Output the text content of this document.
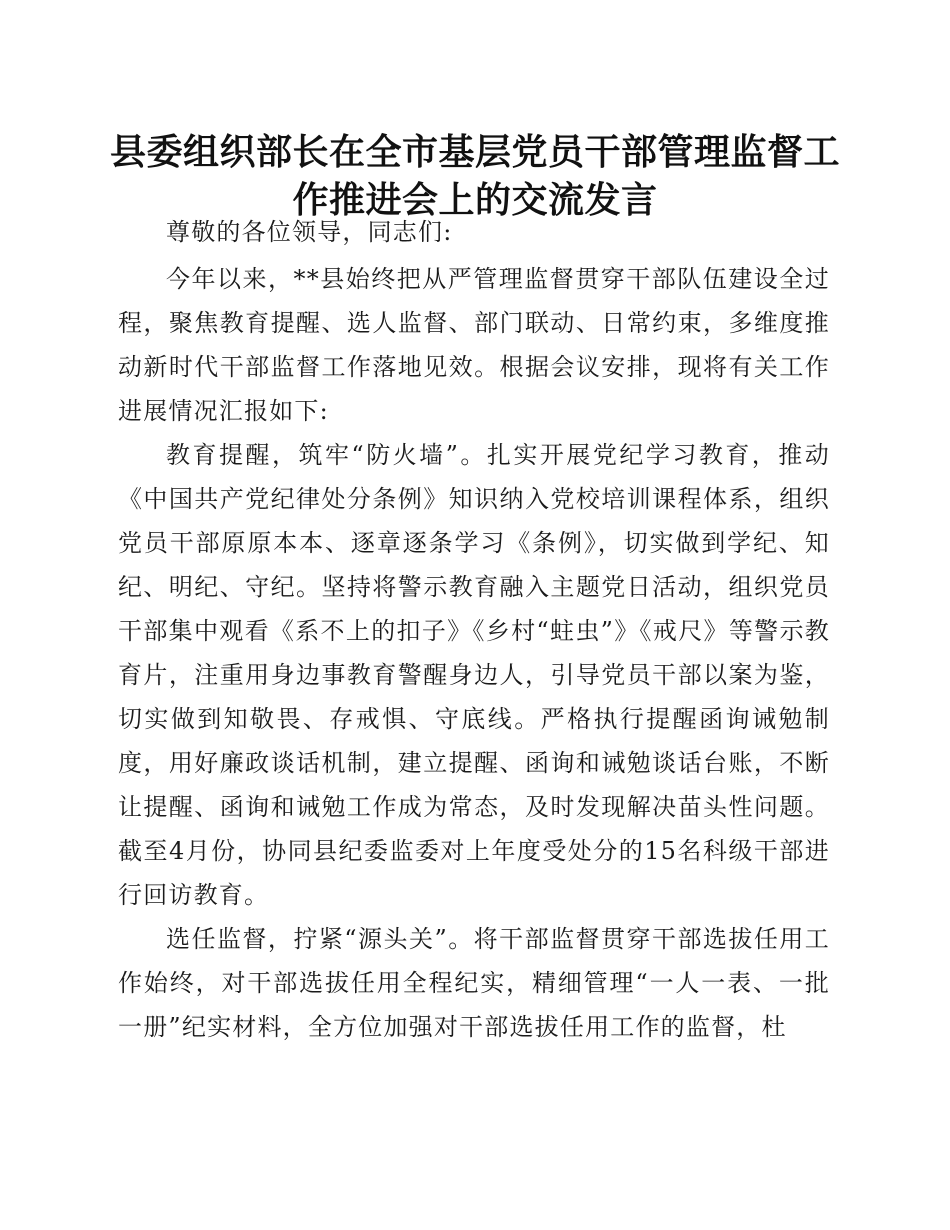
县委组织部长在全市基层党员干部管理监督工作推进会上的交流发言

尊敬的各位领导，同志们:

今年以来，**县始终把从严管理监督贯穿干部队伍建设全过程，聚焦教育提醒、选人监督、部门联动、日常约束，多维度推动新时代干部监督工作落地见效。根据会议安排，现将有关工作进展情况汇报如下:

教育提醒，筑牢“防火墙”。扎实开展党纪学习教育，推动《中国共产党纪律处分条例》知识纳入党校培训课程体系，组织党员干部原原本本、逐章逐条学习《条例》，切实做到学纪、知纪、明纪、守纪。坚持将警示教育融入主题党日活动，组织党员干部集中观看《系不上的扣子》《乡村“蛀虫”》《戒尺》等警示教育片，注重用身边事教育警醒身边人，引导党员干部以案为鉴，切实做到知敬畏、存戒惧、守底线。严格执行提醒函询诫勉制度，用好廉政谈话机制，建立提醒、函询和诫勉谈话台账，不断让提醒、函询和诫勉工作成为常态，及时发现解决苗头性问题。截至4月份，协同县纪委监委对上年度受处分的15名科级干部进行回访教育。

选任监督，拧紧“源头关”。将干部监督贯穿干部选拔任用工作始终，对干部选拔任用全程纪实，精细管理“一人一表、一批一册”纪实材料，全方位加强对干部选拔任用工作的监督，杜
